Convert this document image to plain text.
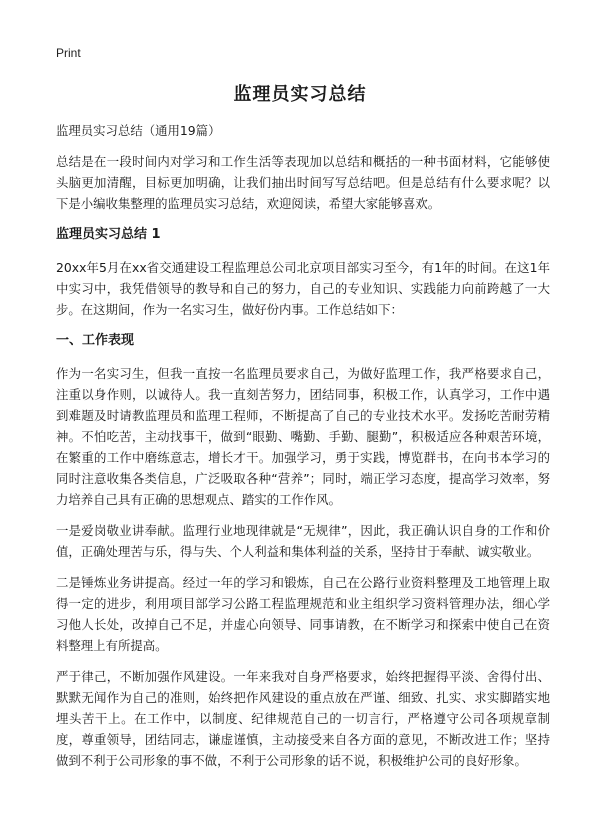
Print
监理员实习总结

监理员实习总结（通用19篇）

总结是在一段时间内对学习和工作生活等表现加以总结和概括的一种书面材料，它能够使头脑更加清醒，目标更加明确，让我们抽出时间写写总结吧。但是总结有什么要求呢？以下是小编收集整理的监理员实习总结，欢迎阅读，希望大家能够喜欢。

监理员实习总结 1

20xx年5月在xx省交通建设工程监理总公司北京项目部实习至今，有1年的时间。在这1年中实习中，我凭借领导的教导和自己的努力，自己的专业知识、实践能力向前跨越了一大步。在这期间，作为一名实习生，做好份内事。工作总结如下：

一、工作表现

作为一名实习生，但我一直按一名监理员要求自己，为做好监理工作，我严格要求自己，注重以身作则，以诚待人。我一直刻苦努力，团结同事，积极工作，认真学习，工作中遇到难题及时请教监理员和监理工程师，不断提高了自己的专业技术水平。发扬吃苦耐劳精神。不怕吃苦，主动找事干，做到“眼勤、嘴勤、手勤、腿勤”，积极适应各种艰苦环境，在繁重的工作中磨练意志，增长才干。加强学习，勇于实践，博览群书，在向书本学习的同时注意收集各类信息，广泛吸取各种“营养”；同时，端正学习态度，提高学习效率，努力培养自己具有正确的思想观点、踏实的工作作风。

一是爱岗敬业讲奉献。监理行业地现律就是“无规律”，因此，我正确认识自身的工作和价值，正确处理苦与乐，得与失、个人利益和集体利益的关系，坚持甘于奉献、诚实敬业。

二是锤炼业务讲提高。经过一年的学习和锻炼，自己在公路行业资料整理及工地管理上取得一定的进步，利用项目部学习公路工程监理规范和业主组织学习资料管理办法，细心学习他人长处，改掉自己不足，并虚心向领导、同事请教，在不断学习和探索中使自己在资料整理上有所提高。

严于律己，不断加强作风建设。一年来我对自身严格要求，始终把握得平淡、舍得付出、默默无闻作为自己的准则，始终把作风建设的重点放在严谨、细致、扎实、求实脚踏实地埋头苦干上。在工作中，以制度、纪律规范自己的一切言行，严格遵守公司各项规章制度，尊重领导，团结同志，谦虚谨慎，主动接受来自各方面的意见，不断改进工作；坚持做到不利于公司形象的事不做，不利于公司形象的话不说，积极维护公司的良好形象。
